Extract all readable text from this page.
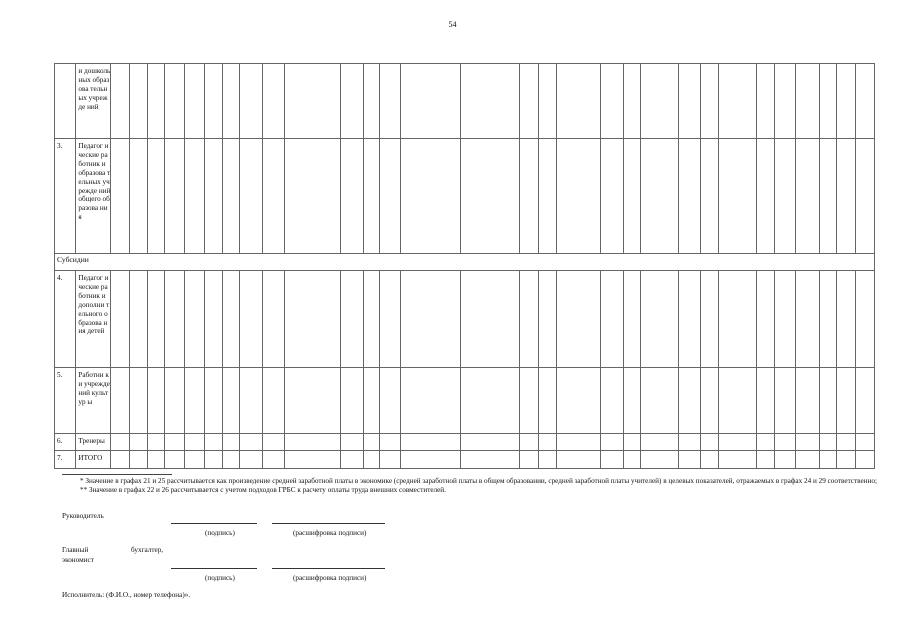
54
	и дошколь ных образова тельных учрежде ний																														
3.	Педагог ические работник и образова тельных учрежде ний общего образова ния																														
Субсидии																															
4.	Педагог ические работник и дополни тельного образова ния детей																														
5.	Работни ки учрежде ний культур ы																														
6.	Тренеры																														
7.	ИТОГО																														

* Значение в графах 21 и 25 рассчитывается как произведение средней заработной платы в экономике (средней заработной платы в общем образовании, средней заработной платы учителей) в целевых показателей, отражаемых в графах 24 и 29 соответственно;

** Значение в графах 22 и 26 рассчитывается с учетом подходов ГРБС к расчету оплаты труда внешних совместителей.

Руководитель
(подпись)	(расшифровка подписи)
Главный	бухгалтер,
экономист
(подпись)	(расшифровка подписи)
Исполнитель: (Ф.И.О., номер телефона)».
